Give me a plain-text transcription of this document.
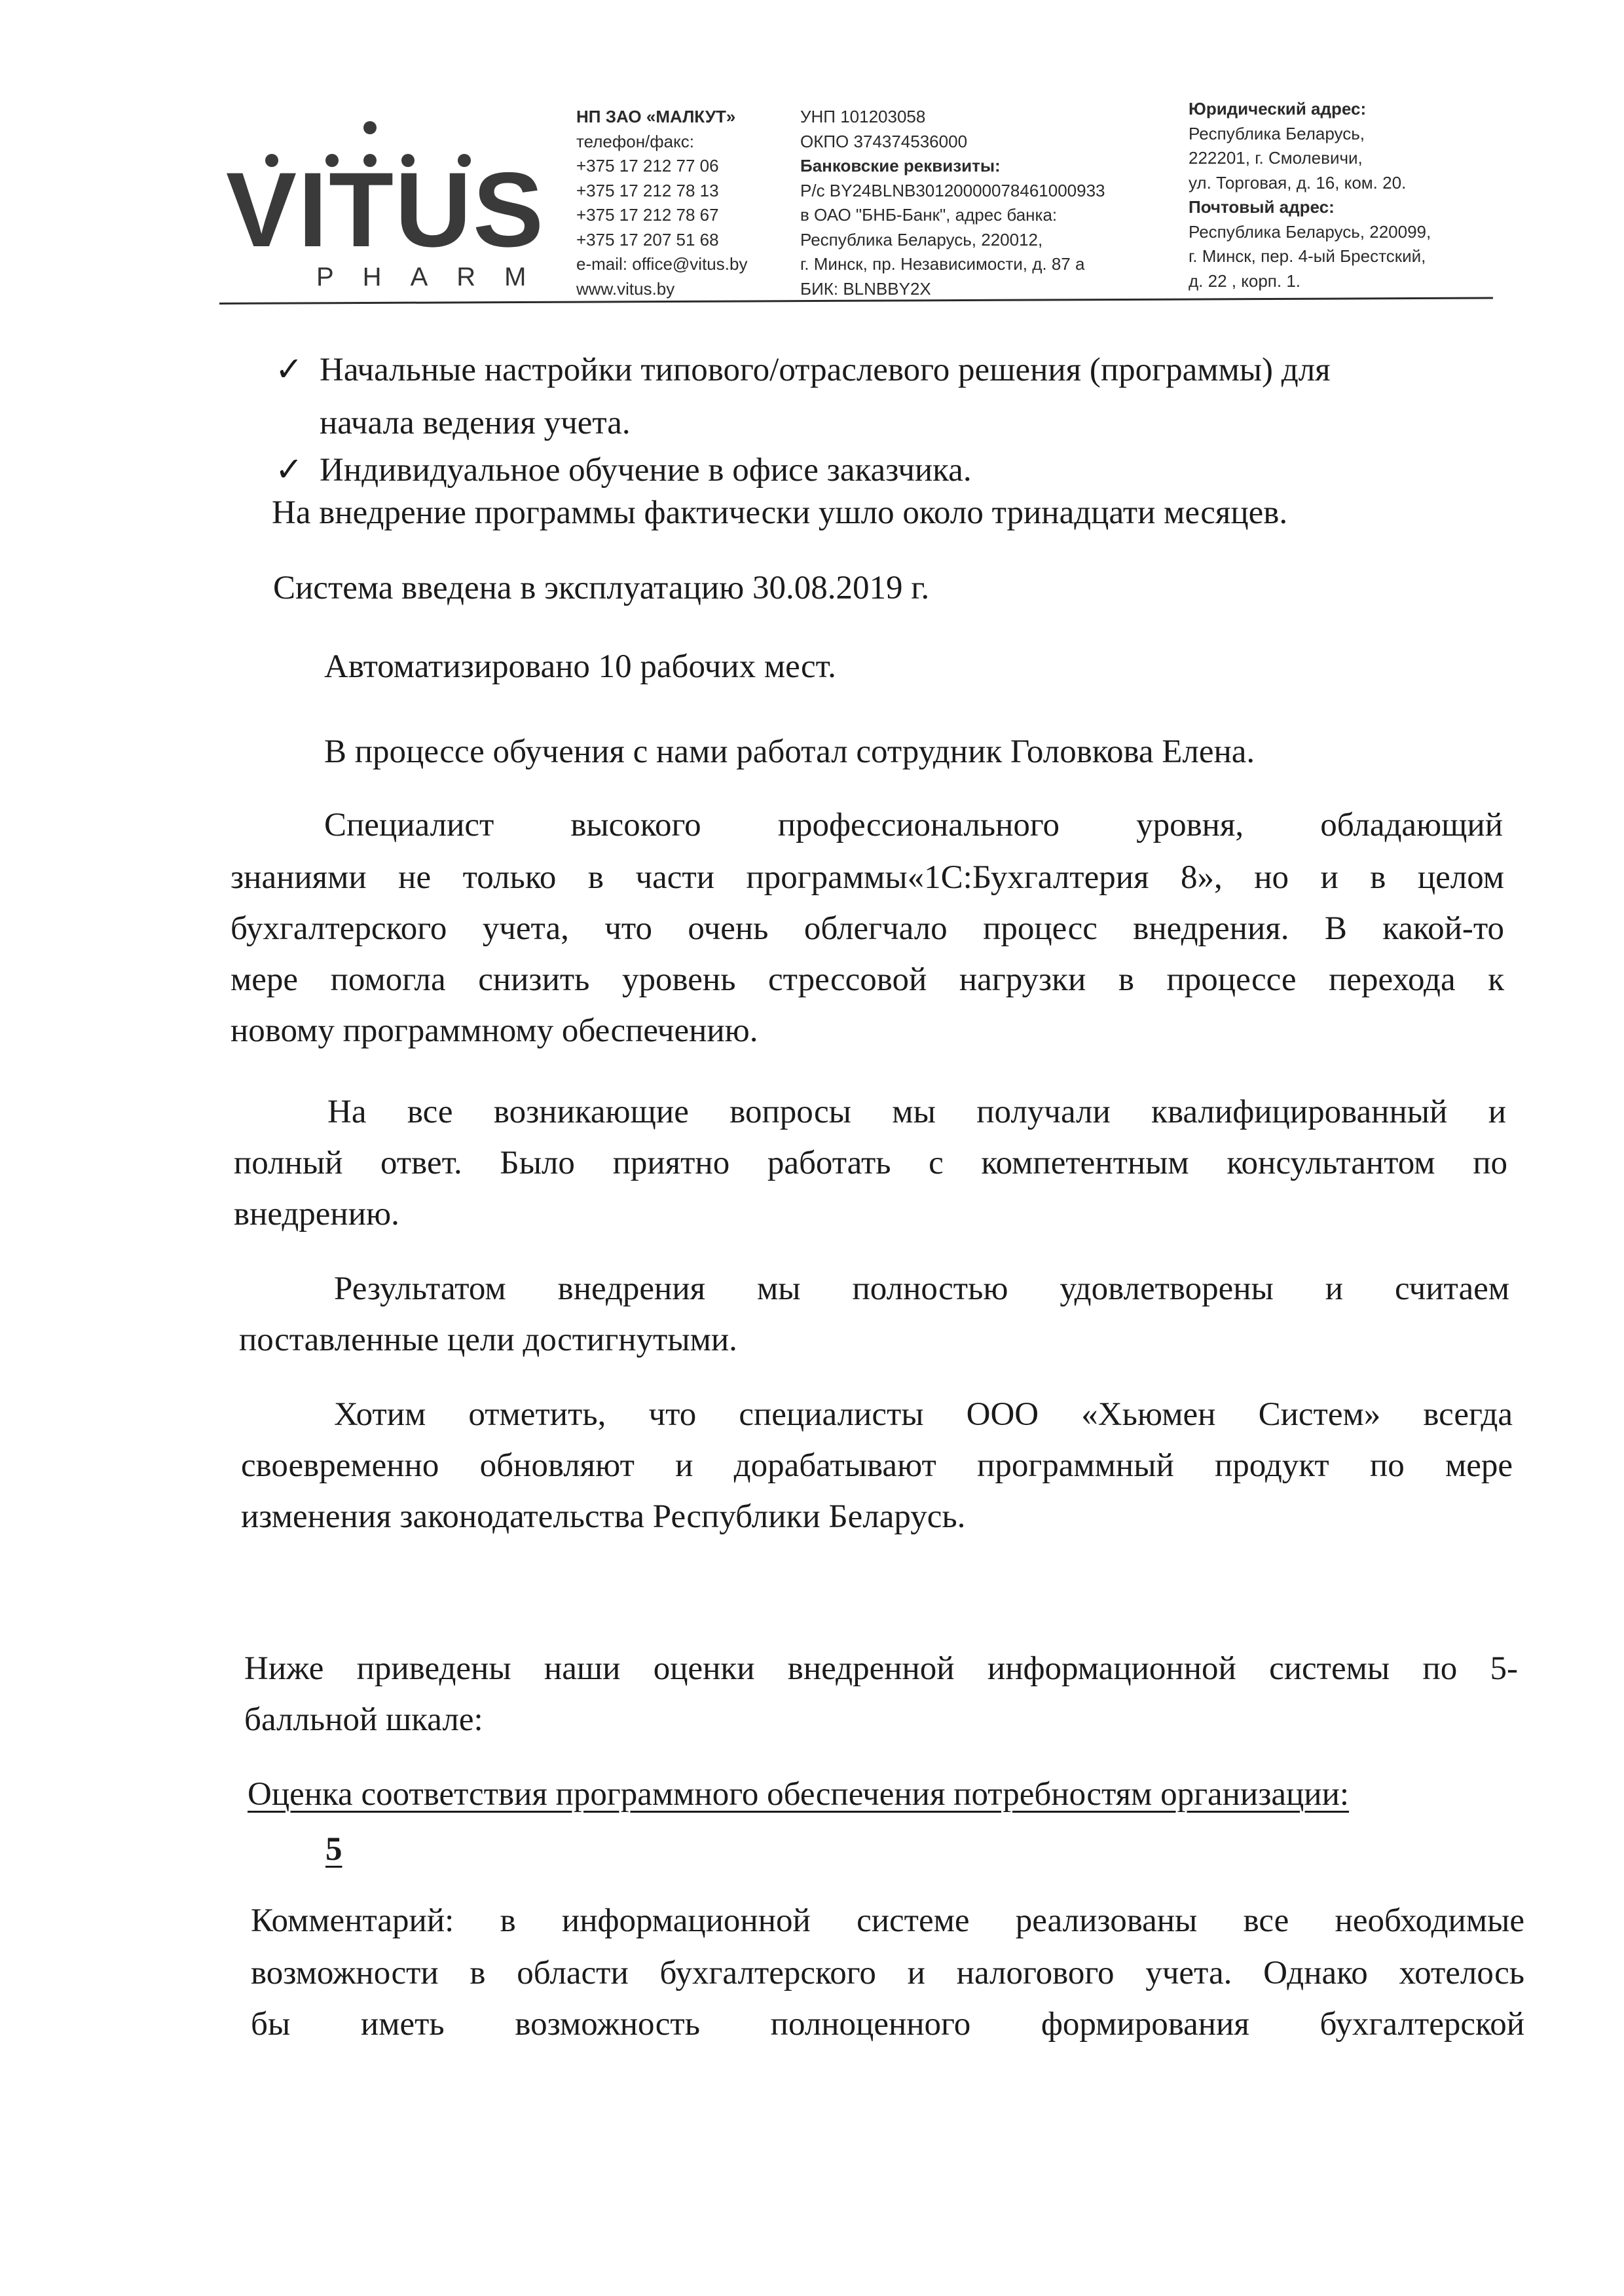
VITUS
PHARM
НП ЗАО «МАЛКУТ»
телефон/факс:
+375 17 212 77 06
+375 17 212 78 13
+375 17 212 78 67
+375 17 207 51 68
e-mail: office@vitus.by
www.vitus.by
УНП 101203058
ОКПО 374374536000
Банковские реквизиты:
Р/с BY24BLNB30120000078461000933
в ОАО "БНБ-Банк", адрес банка:
Республика Беларусь, 220012,
г. Минск, пр. Независимости, д. 87 а
БИК: BLNBBY2X
Юридический адрес:
Республика Беларусь,
222201, г. Смолевичи,
ул. Торговая, д. 16, ком. 20.
Почтовый адрес:
Республика Беларусь, 220099,
г. Минск, пер. 4-ый Брестский,
д. 22 , корп. 1.
✓ Начальные настройки типового/отраслевого решения (программы) для
начала ведения учета.
✓ Индивидуальное обучение в офисе заказчика.
На внедрение программы фактически ушло около тринадцати месяцев.
Система введена в эксплуатацию 30.08.2019 г.
Автоматизировано 10 рабочих мест.
В процессе обучения с нами работал сотрудник Головкова Елена.
Специалист высокого профессионального уровня, обладающий
знаниями не только в части программы«1С:Бухгалтерия 8», но и в целом
бухгалтерского учета, что очень облегчало процесс внедрения. В какой-то
мере помогла снизить уровень стрессовой нагрузки в процессе перехода к
новому программному обеспечению.
На все возникающие вопросы мы получали квалифицированный и
полный ответ. Было приятно работать с компетентным консультантом по
внедрению.
Результатом внедрения мы полностью удовлетворены и считаем
поставленные цели достигнутыми.
Хотим отметить, что специалисты ООО «Хьюмен Систем» всегда
своевременно обновляют и дорабатывают программный продукт по мере
изменения законодательства Республики Беларусь.
Ниже приведены наши оценки внедренной информационной системы по 5-
балльной шкале:
Оценка соответствия программного обеспечения потребностям организации:
5
Комментарий: в информационной системе реализованы все необходимые
возможности в области бухгалтерского и налогового учета. Однако хотелось
бы иметь возможность полноценного формирования бухгалтерской
